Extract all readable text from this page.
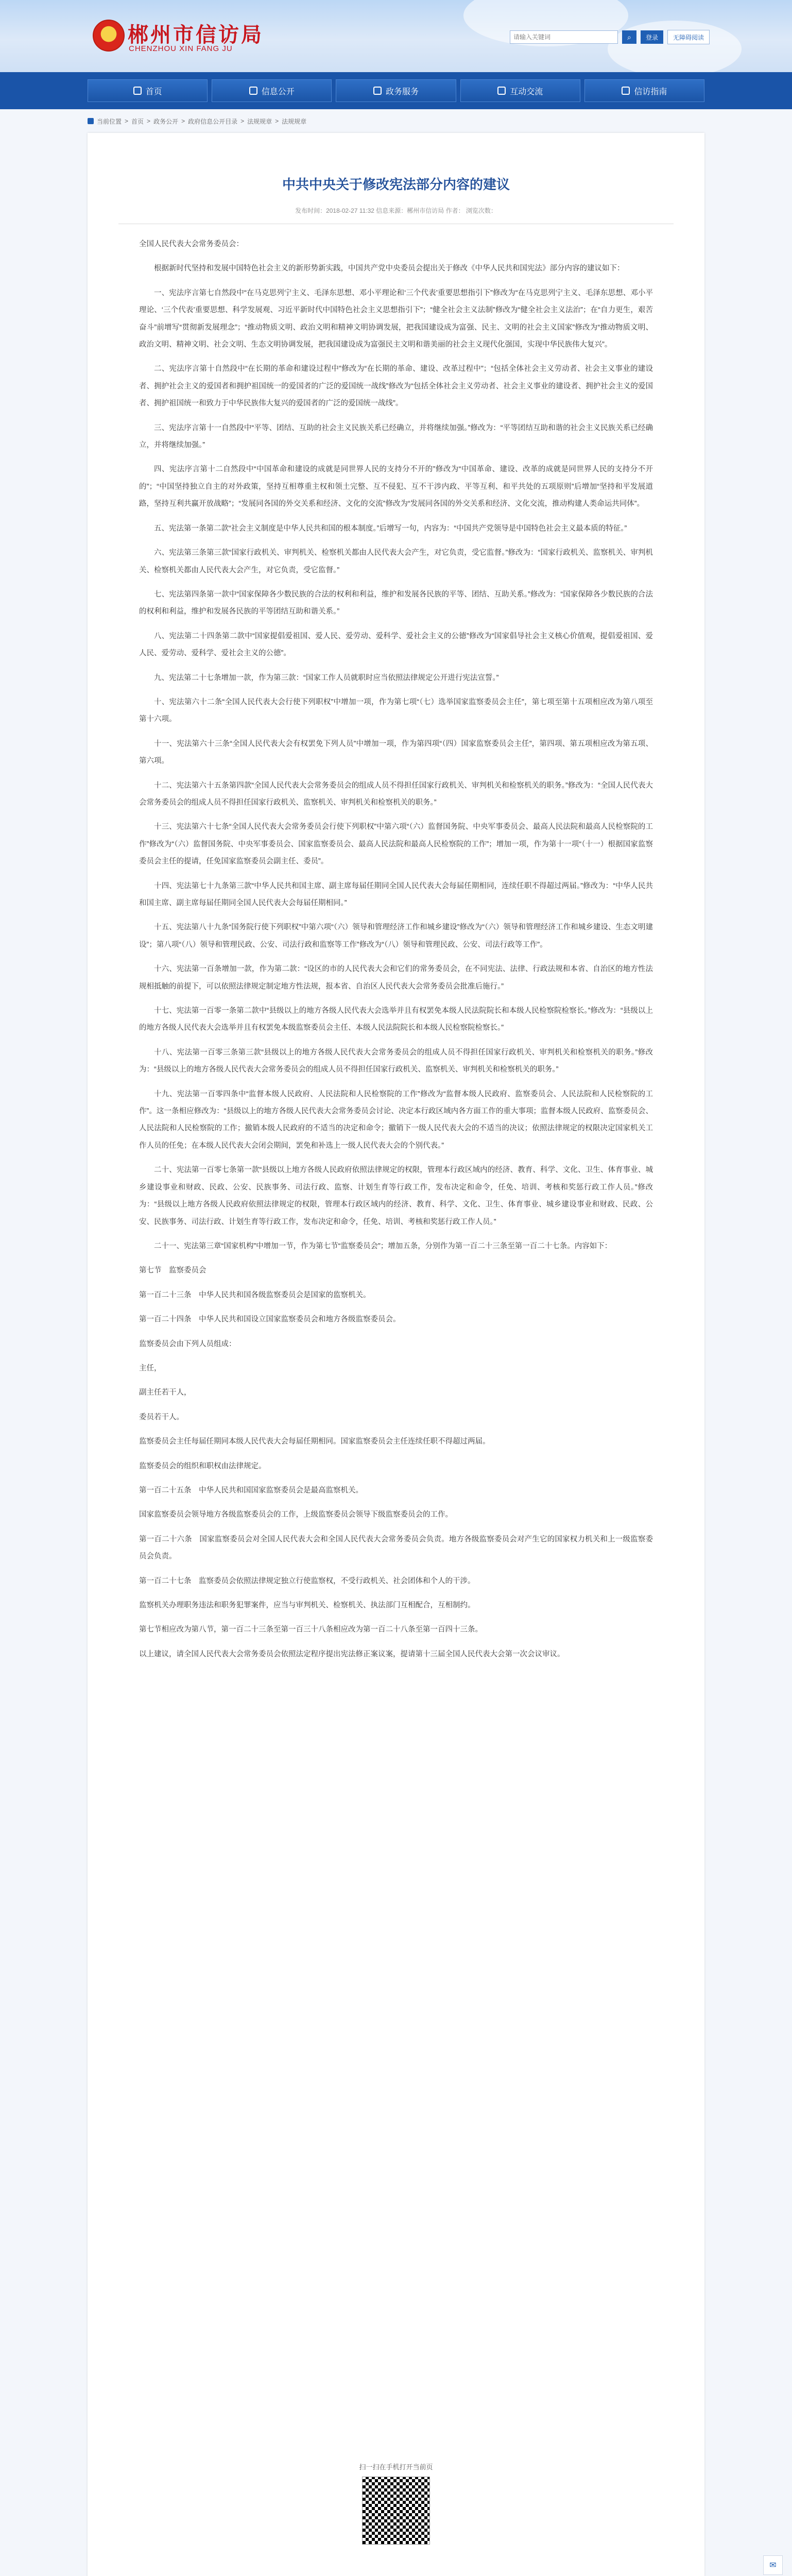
郴州市信访局
CHENZHOU XIN FANG JU
请输入关键词
⌕	登录	无障碍阅读
首页	信息公开	政务服务	互动交流	信访指南
当前位置 > 首页 > 政务公开 > 政府信息公开目录 > 法规规章 > 法规规章
中共中央关于修改宪法部分内容的建议
发布时间：2018-02-27 11:32 信息来源：郴州市信访局 作者： 浏览次数：

全国人民代表大会常务委员会：

根据新时代坚持和发展中国特色社会主义的新形势新实践，中国共产党中央委员会提出关于修改《中华人民共和国宪法》部分内容的建议如下：

一、宪法序言第七自然段中“在马克思列宁主义、毛泽东思想、邓小平理论和‘三个代表’重要思想指引下”修改为“在马克思列宁主义、毛泽东思想、邓小平理论、‘三个代表’重要思想、科学发展观、习近平新时代中国特色社会主义思想指引下”；“健全社会主义法制”修改为“健全社会主义法治”；在“自力更生，艰苦奋斗”前增写“贯彻新发展理念”；“推动物质文明、政治文明和精神文明协调发展，把我国建设成为富强、民主、文明的社会主义国家”修改为“推动物质文明、政治文明、精神文明、社会文明、生态文明协调发展，把我国建设成为富强民主文明和谐美丽的社会主义现代化强国，实现中华民族伟大复兴”。

二、宪法序言第十自然段中“在长期的革命和建设过程中”修改为“在长期的革命、建设、改革过程中”；“包括全体社会主义劳动者、社会主义事业的建设者、拥护社会主义的爱国者和拥护祖国统一的爱国者的广泛的爱国统一战线”修改为“包括全体社会主义劳动者、社会主义事业的建设者、拥护社会主义的爱国者、拥护祖国统一和致力于中华民族伟大复兴的爱国者的广泛的爱国统一战线”。

三、宪法序言第十一自然段中“平等、团结、互助的社会主义民族关系已经确立，并将继续加强。”修改为：“平等团结互助和谐的社会主义民族关系已经确立，并将继续加强。”

四、宪法序言第十二自然段中“中国革命和建设的成就是同世界人民的支持分不开的”修改为“中国革命、建设、改革的成就是同世界人民的支持分不开的”；“中国坚持独立自主的对外政策，坚持互相尊重主权和领土完整、互不侵犯、互不干涉内政、平等互利、和平共处的五项原则”后增加“坚持和平发展道路，坚持互利共赢开放战略”；“发展同各国的外交关系和经济、文化的交流”修改为“发展同各国的外交关系和经济、文化交流，推动构建人类命运共同体”。

五、宪法第一条第二款“社会主义制度是中华人民共和国的根本制度。”后增写一句，内容为：“中国共产党领导是中国特色社会主义最本质的特征。”

六、宪法第三条第三款“国家行政机关、审判机关、检察机关都由人民代表大会产生，对它负责，受它监督。”修改为：“国家行政机关、监察机关、审判机关、检察机关都由人民代表大会产生，对它负责，受它监督。”

七、宪法第四条第一款中“国家保障各少数民族的合法的权利和利益，维护和发展各民族的平等、团结、互助关系。”修改为：“国家保障各少数民族的合法的权利和利益，维护和发展各民族的平等团结互助和谐关系。”

八、宪法第二十四条第二款中“国家提倡爱祖国、爱人民、爱劳动、爱科学、爱社会主义的公德”修改为“国家倡导社会主义核心价值观，提倡爱祖国、爱人民、爱劳动、爱科学、爱社会主义的公德”。

九、宪法第二十七条增加一款，作为第三款：“国家工作人员就职时应当依照法律规定公开进行宪法宣誓。”

十、宪法第六十二条“全国人民代表大会行使下列职权”中增加一项，作为第七项“（七）选举国家监察委员会主任”，第七项至第十五项相应改为第八项至第十六项。

十一、宪法第六十三条“全国人民代表大会有权罢免下列人员”中增加一项，作为第四项“（四）国家监察委员会主任”，第四项、第五项相应改为第五项、第六项。

十二、宪法第六十五条第四款“全国人民代表大会常务委员会的组成人员不得担任国家行政机关、审判机关和检察机关的职务。”修改为：“全国人民代表大会常务委员会的组成人员不得担任国家行政机关、监察机关、审判机关和检察机关的职务。”

十三、宪法第六十七条“全国人民代表大会常务委员会行使下列职权”中第六项“（六）监督国务院、中央军事委员会、最高人民法院和最高人民检察院的工作”修改为“（六）监督国务院、中央军事委员会、国家监察委员会、最高人民法院和最高人民检察院的工作”；增加一项，作为第十一项“（十一）根据国家监察委员会主任的提请，任免国家监察委员会副主任、委员”。

十四、宪法第七十九条第三款“中华人民共和国主席、副主席每届任期同全国人民代表大会每届任期相同，连续任职不得超过两届。”修改为：“中华人民共和国主席、副主席每届任期同全国人民代表大会每届任期相同。”

十五、宪法第八十九条“国务院行使下列职权”中第六项“（六）领导和管理经济工作和城乡建设”修改为“（六）领导和管理经济工作和城乡建设、生态文明建设”；第八项“（八）领导和管理民政、公安、司法行政和监察等工作”修改为“（八）领导和管理民政、公安、司法行政等工作”。

十六、宪法第一百条增加一款，作为第二款：“设区的市的人民代表大会和它们的常务委员会，在不同宪法、法律、行政法规和本省、自治区的地方性法规相抵触的前提下，可以依照法律规定制定地方性法规，报本省、自治区人民代表大会常务委员会批准后施行。”

十七、宪法第一百零一条第二款中“县级以上的地方各级人民代表大会选举并且有权罢免本级人民法院院长和本级人民检察院检察长。”修改为：“县级以上的地方各级人民代表大会选举并且有权罢免本级监察委员会主任、本级人民法院院长和本级人民检察院检察长。”

十八、宪法第一百零三条第三款“县级以上的地方各级人民代表大会常务委员会的组成人员不得担任国家行政机关、审判机关和检察机关的职务。”修改为：“县级以上的地方各级人民代表大会常务委员会的组成人员不得担任国家行政机关、监察机关、审判机关和检察机关的职务。”

十九、宪法第一百零四条中“监督本级人民政府、人民法院和人民检察院的工作”修改为“监督本级人民政府、监察委员会、人民法院和人民检察院的工作”。这一条相应修改为：“县级以上的地方各级人民代表大会常务委员会讨论、决定本行政区域内各方面工作的重大事项；监督本级人民政府、监察委员会、人民法院和人民检察院的工作；撤销本级人民政府的不适当的决定和命令；撤销下一级人民代表大会的不适当的决议；依照法律规定的权限决定国家机关工作人员的任免；在本级人民代表大会闭会期间，罢免和补选上一级人民代表大会的个别代表。”

二十、宪法第一百零七条第一款“县级以上地方各级人民政府依照法律规定的权限，管理本行政区域内的经济、教育、科学、文化、卫生、体育事业、城乡建设事业和财政、民政、公安、民族事务、司法行政、监察、计划生育等行政工作，发布决定和命令，任免、培训、考核和奖惩行政工作人员。”修改为：“县级以上地方各级人民政府依照法律规定的权限，管理本行政区域内的经济、教育、科学、文化、卫生、体育事业、城乡建设事业和财政、民政、公安、民族事务、司法行政、计划生育等行政工作，发布决定和命令，任免、培训、考核和奖惩行政工作人员。”

二十一、宪法第三章“国家机构”中增加一节，作为第七节“监察委员会”；增加五条，分别作为第一百二十三条至第一百二十七条。内容如下：

第七节　监察委员会

第一百二十三条　中华人民共和国各级监察委员会是国家的监察机关。

第一百二十四条　中华人民共和国设立国家监察委员会和地方各级监察委员会。

监察委员会由下列人员组成：

主任，

副主任若干人，

委员若干人。

监察委员会主任每届任期同本级人民代表大会每届任期相同。国家监察委员会主任连续任职不得超过两届。

监察委员会的组织和职权由法律规定。

第一百二十五条　中华人民共和国国家监察委员会是最高监察机关。

国家监察委员会领导地方各级监察委员会的工作，上级监察委员会领导下级监察委员会的工作。

第一百二十六条　国家监察委员会对全国人民代表大会和全国人民代表大会常务委员会负责。地方各级监察委员会对产生它的国家权力机关和上一级监察委员会负责。

第一百二十七条　监察委员会依照法律规定独立行使监察权，不受行政机关、社会团体和个人的干涉。

监察机关办理职务违法和职务犯罪案件，应当与审判机关、检察机关、执法部门互相配合，互相制约。

第七节相应改为第八节，第一百二十三条至第一百三十八条相应改为第一百二十八条至第一百四十三条。

以上建议，请全国人民代表大会常务委员会依照法定程序提出宪法修正案议案，提请第十三届全国人民代表大会第一次会议审议。

扫一扫在手机打开当前页
✉
